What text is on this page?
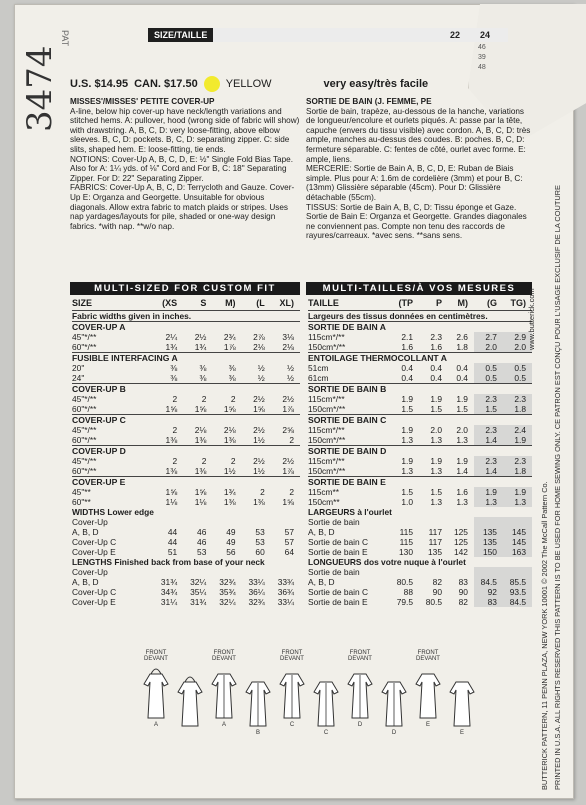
SIZE/TAILLE	22 24
46
39
48
PAT
3474 U.S. $14.95 CAN. $17.50	YELLOW	very easy/très facile

MISSES'/MISSES' PETITE COVER-UP

A-line, below hip cover-up have neck/length variations and stitched hems. A: pullover, hood (wrong side of fabric will show) with drawstring. A, B, C, D: very loose-fitting, above elbow sleeves. B, C, D: pockets. B, C, D: separating zipper. C: side slits, shaped hem. E: loose-fitting, tie ends.

NOTIONS: Cover-Up A, B, C, D, E: ½" Single Fold Bias Tape. Also for A: 1¼ yds. of ⅛" Cord and For B, C: 18" Separating Zipper. For D: 22" Separating Zipper.

FABRICS: Cover-Up A, B, C, D: Terrycloth and Gauze. Cover-Up E: Organza and Georgette. Unsuitable for obvious diagonals. Allow extra fabric to match plaids or stripes. Uses nap yardages/layouts for pile, shaded or one-way design fabrics. *with nap. **w/o nap.

SORTIE DE BAIN (J. FEMME, PE

Sortie de bain, trapèze, au-dessous de la hanche, variations de longueur/encolure et ourlets piqués. A: passe par la tête, capuche (envers du tissu visible) avec cordon. A, B, C, D: très ample, manches au-dessus des coudes. B: poches. B, C, D: fermeture séparable. C: fentes de côté, ourlet avec forme. E: ample, liens.

MERCERIE: Sortie de Bain A, B, C, D, E: Ruban de Biais simple. Plus pour A: 1.6m de cordelière (3mm) et pour B, C: (13mm) Glissière séparable (45cm). Pour D: Glissière détachable (55cm).

TISSUS: Sortie de Bain A, B, C, D: Tissu éponge et Gaze. Sortie de Bain E: Organza et Georgette. Grandes diagonales ne conviennent pas. Compte non tenu des raccords de rayures/carreaux. *avec sens. **sans sens.

MULTI-SIZED FOR CUSTOM FIT	MULTI-TAILLES/À VOS MESURES
SIZE	(XS	S	M)	(L	XL)
Fabric widths given in inches.					
COVER-UP A					
45"*/**	2¼	2½	2¾	2⅞	3⅛
60"*/**	1¾	1¾	1⅞	2⅛	2⅛
FUSIBLE INTERFACING A					
20"	⅜	⅜	⅜	½	½
24"	⅜	⅜	⅜	½	½
COVER-UP B					
45"*/**	2	2	2	2½	2½
60"*/**	1⅝	1⅝	1⅝	1⅝	1⅞
COVER-UP C					
45"*/**	2	2⅛	2⅛	2½	2⅝
60"*/**	1⅜	1⅜	1⅜	1½	2
COVER-UP D					
45"*/**	2	2	2	2½	2½
60"*/**	1⅜	1⅜	1½	1½	1⅞
COVER-UP E					
45"**	1⅝	1⅝	1¾	2	2
60"**	1⅛	1⅛	1⅜	1⅜	1⅝
WIDTHS Lower edge					
Cover-Up					
A, B, D	44	46	49	53	57
Cover-Up C	44	46	49	53	57
Cover-Up E	51	53	56	60	64
LENGTHS Finished back from base of your neck					
Cover-Up					
A, B, D	31¾	32¼	32¾	33¼	33¾
Cover-Up C	34¾	35¼	35¾	36¼	36¾
Cover-Up E	31¼	31¾	32¼	32¾	33¼
TAILLE	(TP	P	M)	(G	TG)
Largeurs des tissus données en centimètres.					
SORTIE DE BAIN A					
115cm*/**	2.1	2.3	2.6	2.7	2.9
150cm*/**	1.6	1.6	1.8	2.0	2.0
ENTOILAGE THERMOCOLLANT A					
51cm	0.4	0.4	0.4	0.5	0.5
61cm	0.4	0.4	0.4	0.5	0.5
SORTIE DE BAIN B					
115cm*/**	1.9	1.9	1.9	2.3	2.3
150cm*/**	1.5	1.5	1.5	1.5	1.8
SORTIE DE BAIN C					
115cm*/**	1.9	2.0	2.0	2.3	2.4
150cm*/**	1.3	1.3	1.3	1.4	1.9
SORTIE DE BAIN D					
115cm*/**	1.9	1.9	1.9	2.3	2.3
150cm*/**	1.3	1.3	1.4	1.4	1.8
SORTIE DE BAIN E					
115cm**	1.5	1.5	1.6	1.9	1.9
150cm**	1.0	1.3	1.3	1.3	1.3
LARGEURS à l'ourlet					
Sortie de bain					
A, B, D	115	117	125	135	145
Sortie de bain C	115	117	125	135	145
Sortie de bain E	130	135	142	150	163
LONGUEURS dos votre nuque à l'ourlet					
Sortie de bain					
A, B, D	80.5	82	83	84.5	85.5
Sortie de bain C	88	90	90	92	93.5
Sortie de bain E	79.5	80.5	82	83	84.5
FRONT DEVANT
A
FRONT DEVANT
A
B
FRONT DEVANT
C
C
FRONT DEVANT
D
D
FRONT DEVANT
E
E	BUTTERICK PATTERN, 11 PENN PLAZA, NEW YORK 10001 © 2002 The McCall Pattern Co. PRINTED IN U.S.A. ALL RIGHTS RESERVED THIS PATTERN IS TO BE USED FOR HOME SEWING ONLY. CE PATRON EST CONÇU POUR L'USAGE EXCLUSIF DE LA COUTURE
www.butterick.com
